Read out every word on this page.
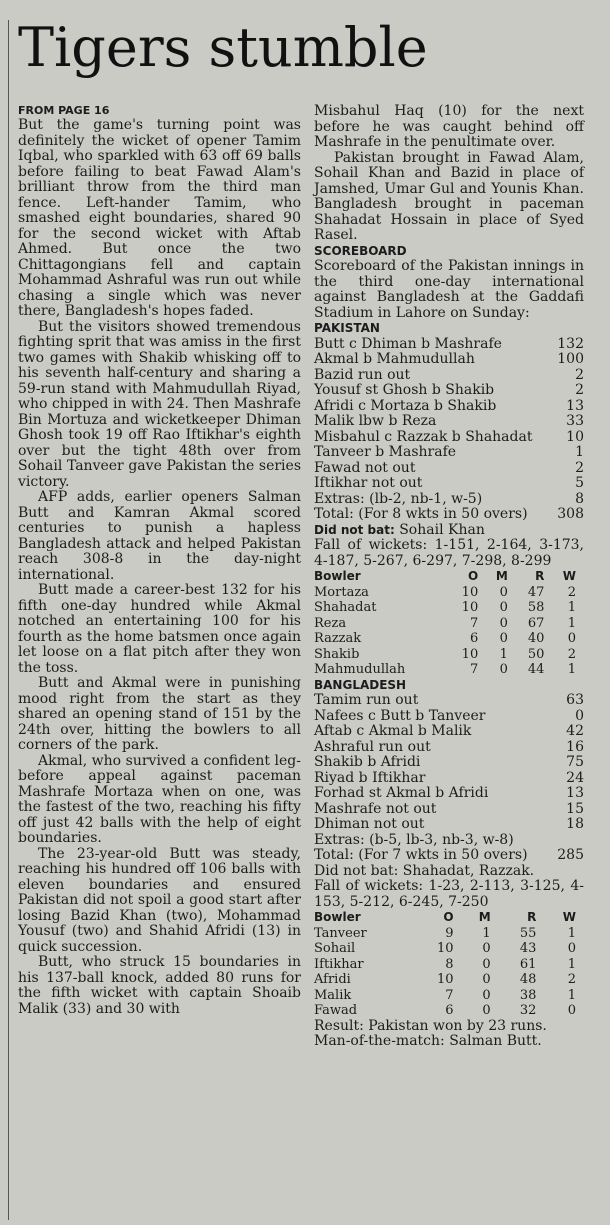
Tigers stumble

FROM PAGE 16

But the game's turning point was definitely the wicket of opener Tamim Iqbal, who sparkled with 63 off 69 balls before failing to beat Fawad Alam's brilliant throw from the third man fence. Left-hander Tamim, who smashed eight boundaries, shared 90 for the second wicket with Aftab Ahmed. But once the two Chittagongians fell and captain Mohammad Ashraful was run out while chasing a single which was never there, Bangladesh's hopes faded.

But the visitors showed tremendous fighting sprit that was amiss in the first two games with Shakib whisking off to his seventh half-century and sharing a 59-run stand with Mahmudullah Riyad, who chipped in with 24. Then Mashrafe Bin Mortuza and wicketkeeper Dhiman Ghosh took 19 off Rao Iftikhar's eighth over but the tight 48th over from Sohail Tanveer gave Pakistan the series victory.

AFP adds, earlier openers Salman Butt and Kamran Akmal scored centuries to punish a hapless Bangladesh attack and helped Pakistan reach 308-8 in the day-night international.

Butt made a career-best 132 for his fifth one-day hundred while Akmal notched an entertaining 100 for his fourth as the home batsmen once again let loose on a flat pitch after they won the toss.

Butt and Akmal were in punishing mood right from the start as they shared an opening stand of 151 by the 24th over, hitting the bowlers to all corners of the park.

Akmal, who survived a confident leg-before appeal against paceman Mashrafe Mortaza when on one, was the fastest of the two, reaching his fifty off just 42 balls with the help of eight boundaries.

The 23-year-old Butt was steady, reaching his hundred off 106 balls with eleven boundaries and ensured Pakistan did not spoil a good start after losing Bazid Khan (two), Mohammad Yousuf (two) and Shahid Afridi (13) in quick succession.

Butt, who struck 15 boundaries in his 137-ball knock, added 80 runs for the fifth wicket with captain Shoaib Malik (33) and 30 with

Misbahul Haq (10) for the next before he was caught behind off Mashrafe in the penultimate over.

Pakistan brought in Fawad Alam, Sohail Khan and Bazid in place of Jamshed, Umar Gul and Younis Khan. Bangladesh brought in paceman Shahadat Hossain in place of Syed Rasel.

SCOREBOARD

Scoreboard of the Pakistan innings in the third one-day international against Bangladesh at the Gaddafi Stadium in Lahore on Sunday:

PAKISTAN

Butt c Dhiman b Mashrafe	132
Akmal b Mahmudullah	100
Bazid run out	2
Yousuf st Ghosh b Shakib	2
Afridi c Mortaza b Shakib	13
Malik lbw b Reza	33
Misbahul c Razzak b Shahadat 10
Tanveer b Mashrafe	1
Fawad not out	2
Iftikhar not out	5
Extras: (lb-2, nb-1, w-5)	8
Total: (For 8 wkts in 50 overs) 308
Did not bat: Sohail Khan

Fall of wickets: 1-151, 2-164, 3-173, 4-187, 5-267, 6-297, 7-298, 8-299

Bowler	O	M	R	W
Mortaza	10	0	47	2
Shahadat	10	0	58	1
Reza	7	0	67	1
Razzak	6	0	40	0
Shakib	10	1	50	2
Mahmudullah	7	0	44	1

BANGLADESH

Tamim run out	63
Nafees c Butt b Tanveer	0
Aftab c Akmal b Malik	42
Ashraful run out	16
Shakib b Afridi	75
Riyad b Iftikhar	24
Forhad st Akmal b Afridi	13
Mashrafe not out	15
Dhiman not out	18
Extras: (b-5, lb-3, nb-3, w-8)
Total: (For 7 wkts in 50 overs) 285

Did not bat: Shahadat, Razzak.

Fall of wickets: 1-23, 2-113, 3-125, 4-153, 5-212, 6-245, 7-250

Bowler	O	M	R	W
Tanveer	9	1	55	1
Sohail	10	0	43	0
Iftikhar	8	0	61	1
Afridi	10	0	48	2
Malik	7	0	38	1
Fawad	6	0	32	0

Result: Pakistan won by 23 runs.

Man-of-the-match: Salman Butt.
